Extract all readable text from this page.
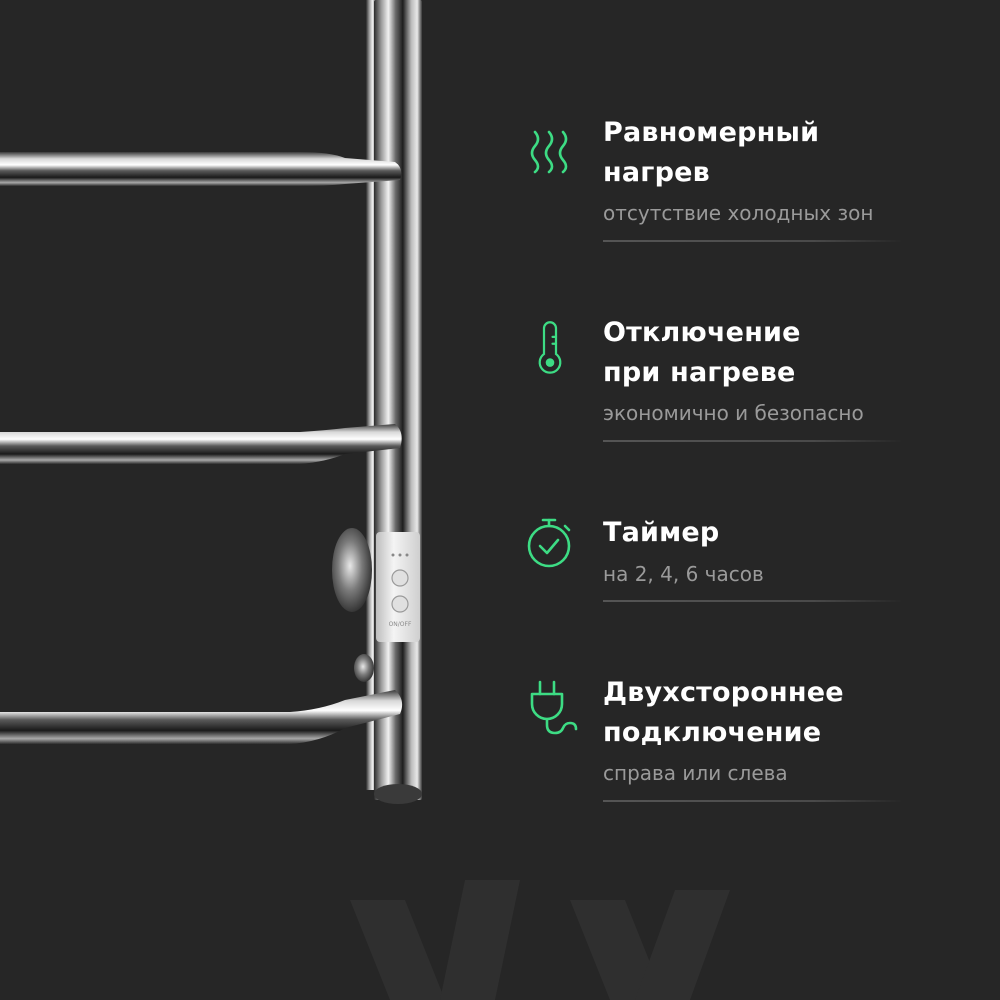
ON/OFF
Равномерный
нагрев
отсутствие холодных зон
Отключение
при нагреве
экономично и безопасно
Таймер
на 2, 4, 6 часов
Двухстороннее
подключение
справа или слева
